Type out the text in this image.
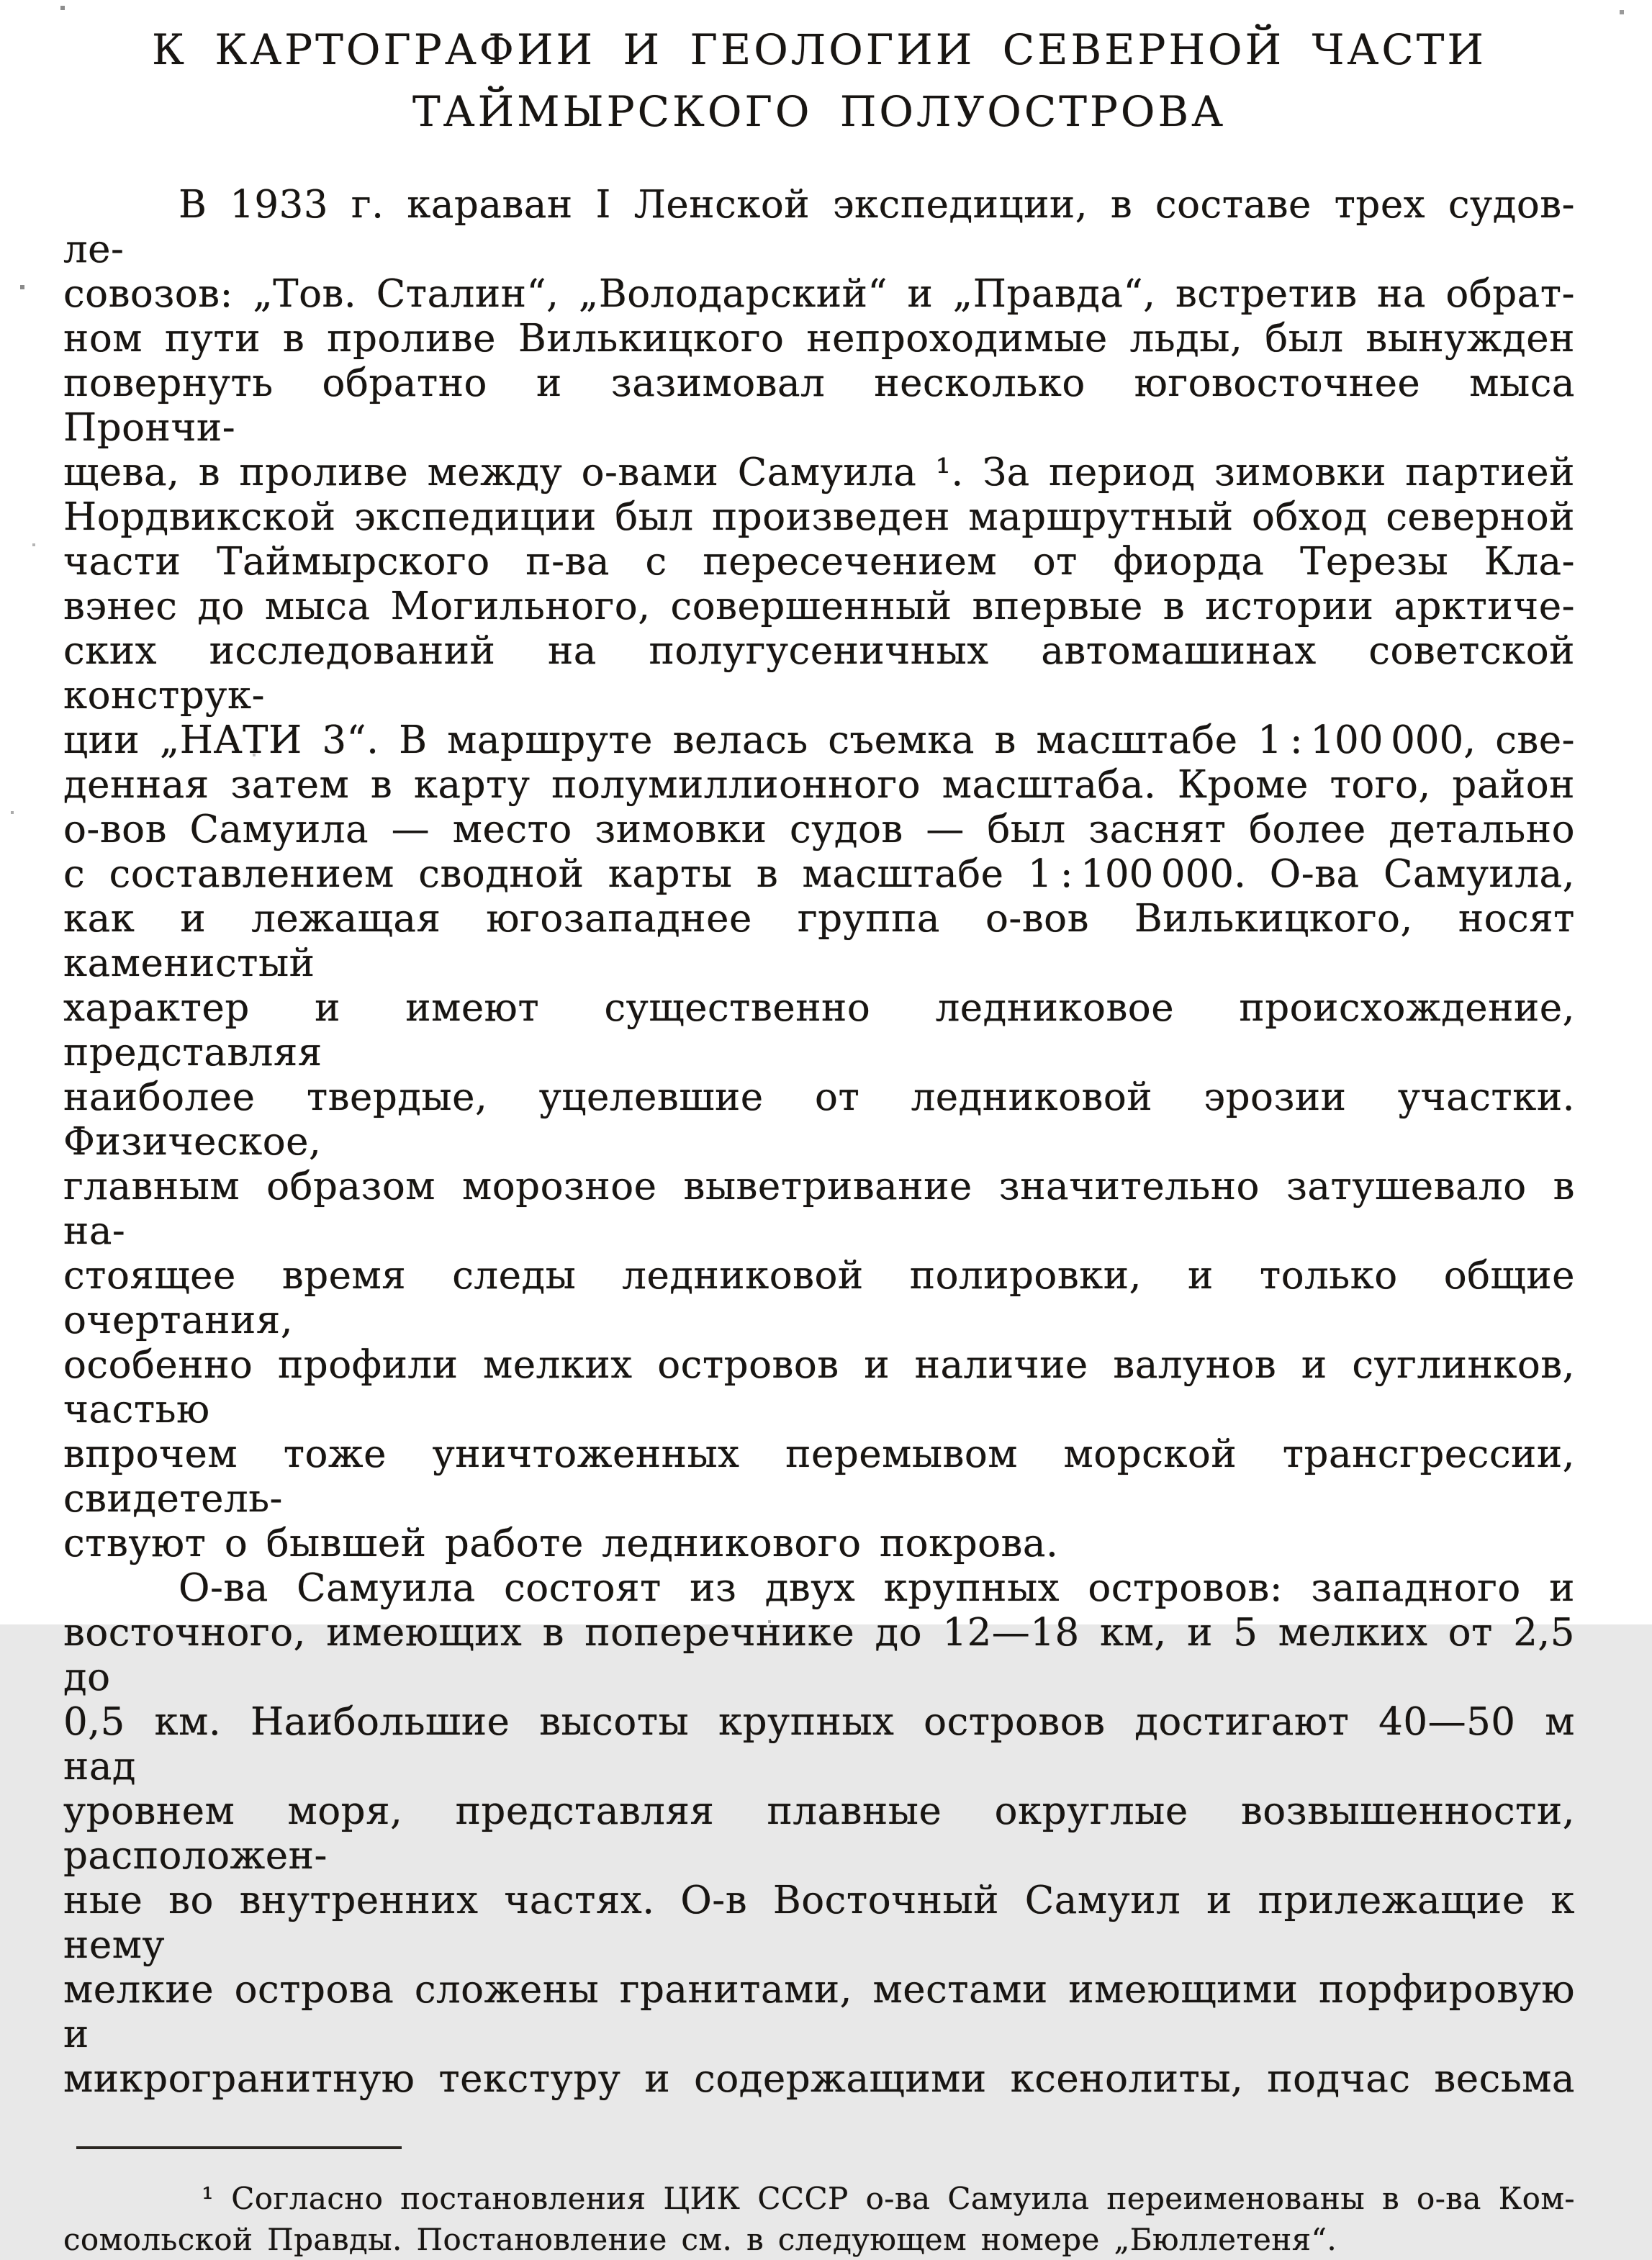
К КАРТОГРАФИИ И ГЕОЛОГИИ СЕВЕРНОЙ ЧАСТИ
ТАЙМЫРСКОГО ПОЛУОСТРОВА
В 1933 г. караван I Ленской экспедиции, в составе трех судов-ле-
совозов: „Тов. Сталин“, „Володарский“ и „Правда“, встретив на обрат-
ном пути в проливе Вилькицкого непроходимые льды, был вынужден
повернуть обратно и зазимовал несколько юговосточнее мыса Прончи-
щева, в проливе между о-вами Самуила ¹. За период зимовки партией
Нордвикской экспедиции был произведен маршрутный обход северной
части Таймырского п-ва с пересечением от фиорда Терезы Кла-
вэнес до мыса Могильного, совершенный впервые в истории арктиче-
ских исследований на полугусеничных автомашинах советской конструк-
ции „НАТИ 3“. В маршруте велась съемка в масштабе 1 : 100 000, све-
денная затем в карту полумиллионного масштаба. Кроме того, район
о-вов Самуила — место зимовки судов — был заснят более детально
с составлением сводной карты в масштабе 1 : 100 000. О-ва Самуила,
как и лежащая югозападнее группа о-вов Вилькицкого, носят каменистый
характер и имеют существенно ледниковое происхождение, представляя
наиболее твердые, уцелевшие от ледниковой эрозии участки. Физическое,
главным образом морозное выветривание значительно затушевало в на-
стоящее время следы ледниковой полировки, и только общие очертания,
особенно профили мелких островов и наличие валунов и суглинков, частью
впрочем тоже уничтоженных перемывом морской трансгрессии, свидетель-
ствуют о бывшей работе ледникового покрова.
О-ва Самуила состоят из двух крупных островов: западного и
восточного, имеющих в поперечнике до 12—18 км, и 5 мелких от 2,5 до
0,5 км. Наибольшие высоты крупных островов достигают 40—50 м над
уровнем моря, представляя плавные округлые возвышенности, расположен-
ные во внутренних частях. О-в Восточный Самуил и прилежащие к нему
мелкие острова сложены гранитами, местами имеющими порфировую и
микрогранитную текстуру и содержащими ксенолиты, подчас весьма
¹ Согласно постановления ЦИК СССР о-ва Самуила переименованы в о-ва Ком-
сомольской Правды. Постановление см. в следующем номере „Бюллетеня“.
